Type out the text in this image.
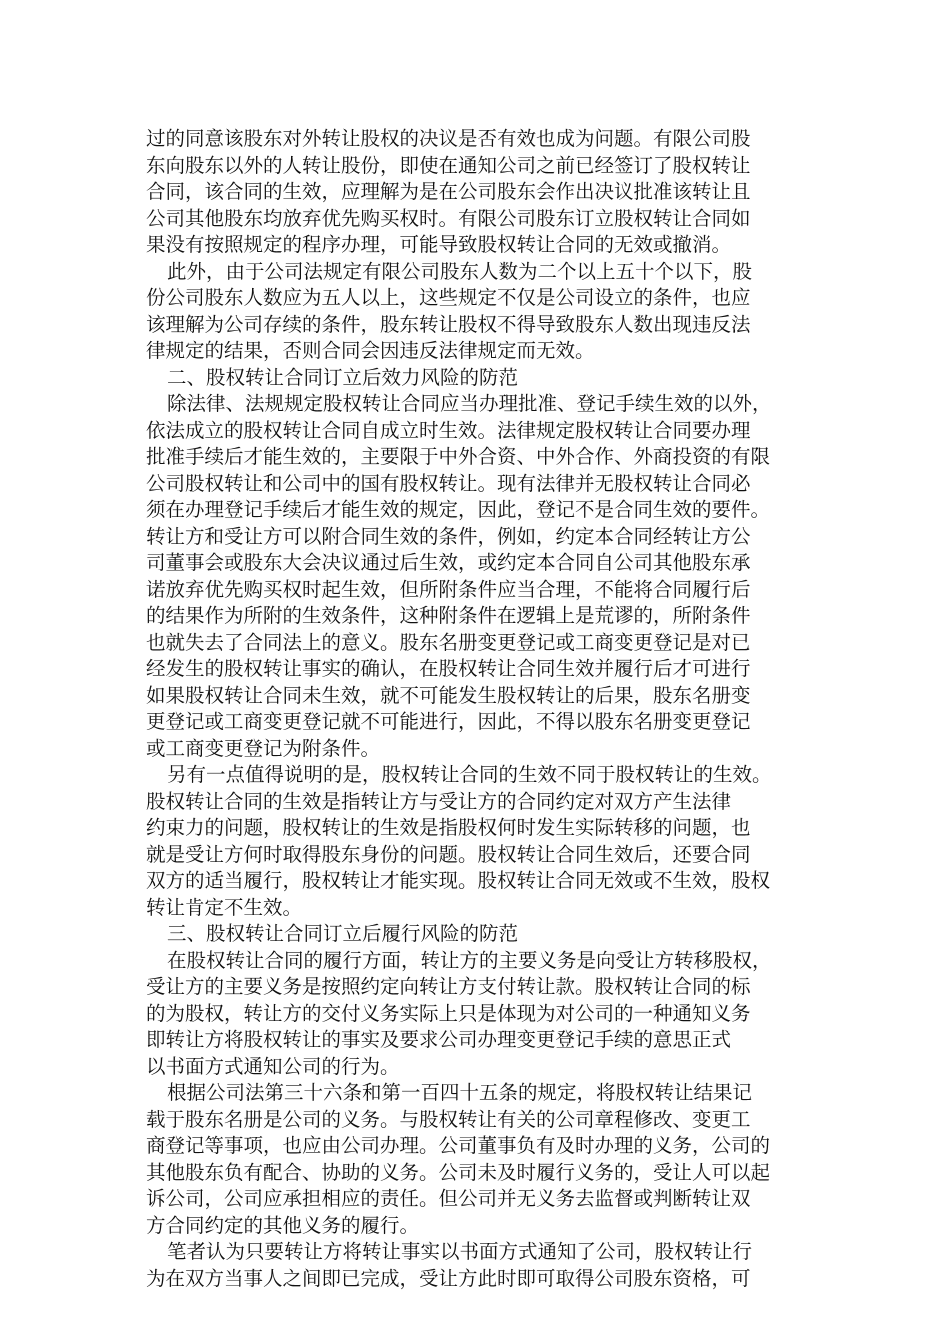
过的同意该股东对外转让股权的决议是否有效也成为问题。有限公司股
东向股东以外的人转让股份，即使在通知公司之前已经签订了股权转让
合同，该合同的生效，应理解为是在公司股东会作出决议批准该转让且
公司其他股东均放弃优先购买权时。有限公司股东订立股权转让合同如
果没有按照规定的程序办理，可能导致股权转让合同的无效或撤消。
此外，由于公司法规定有限公司股东人数为二个以上五十个以下，股
份公司股东人数应为五人以上，这些规定不仅是公司设立的条件，也应
该理解为公司存续的条件，股东转让股权不得导致股东人数出现违反法
律规定的结果，否则合同会因违反法律规定而无效。
二、股权转让合同订立后效力风险的防范
除法律、法规规定股权转让合同应当办理批准、登记手续生效的以外，
依法成立的股权转让合同自成立时生效。法律规定股权转让合同要办理
批准手续后才能生效的，主要限于中外合资、中外合作、外商投资的有限
公司股权转让和公司中的国有股权转让。现有法律并无股权转让合同必
须在办理登记手续后才能生效的规定，因此，登记不是合同生效的要件。
转让方和受让方可以附合同生效的条件，例如，约定本合同经转让方公
司董事会或股东大会决议通过后生效，或约定本合同自公司其他股东承
诺放弃优先购买权时起生效，但所附条件应当合理，不能将合同履行后
的结果作为所附的生效条件，这种附条件在逻辑上是荒谬的，所附条件
也就失去了合同法上的意义。股东名册变更登记或工商变更登记是对已
经发生的股权转让事实的确认，在股权转让合同生效并履行后才可进行
如果股权转让合同未生效，就不可能发生股权转让的后果，股东名册变
更登记或工商变更登记就不可能进行，因此，不得以股东名册变更登记
或工商变更登记为附条件。
另有一点值得说明的是，股权转让合同的生效不同于股权转让的生效。
股权转让合同的生效是指转让方与受让方的合同约定对双方产生法律
约束力的问题，股权转让的生效是指股权何时发生实际转移的问题，也
就是受让方何时取得股东身份的问题。股权转让合同生效后，还要合同
双方的适当履行，股权转让才能实现。股权转让合同无效或不生效，股权
转让肯定不生效。
三、股权转让合同订立后履行风险的防范
在股权转让合同的履行方面，转让方的主要义务是向受让方转移股权，
受让方的主要义务是按照约定向转让方支付转让款。股权转让合同的标
的为股权，转让方的交付义务实际上只是体现为对公司的一种通知义务
即转让方将股权转让的事实及要求公司办理变更登记手续的意思正式
以书面方式通知公司的行为。
根据公司法第三十六条和第一百四十五条的规定，将股权转让结果记
载于股东名册是公司的义务。与股权转让有关的公司章程修改、变更工
商登记等事项，也应由公司办理。公司董事负有及时办理的义务，公司的
其他股东负有配合、协助的义务。公司未及时履行义务的，受让人可以起
诉公司，公司应承担相应的责任。但公司并无义务去监督或判断转让双
方合同约定的其他义务的履行。
笔者认为只要转让方将转让事实以书面方式通知了公司，股权转让行
为在双方当事人之间即已完成，受让方此时即可取得公司股东资格，可
